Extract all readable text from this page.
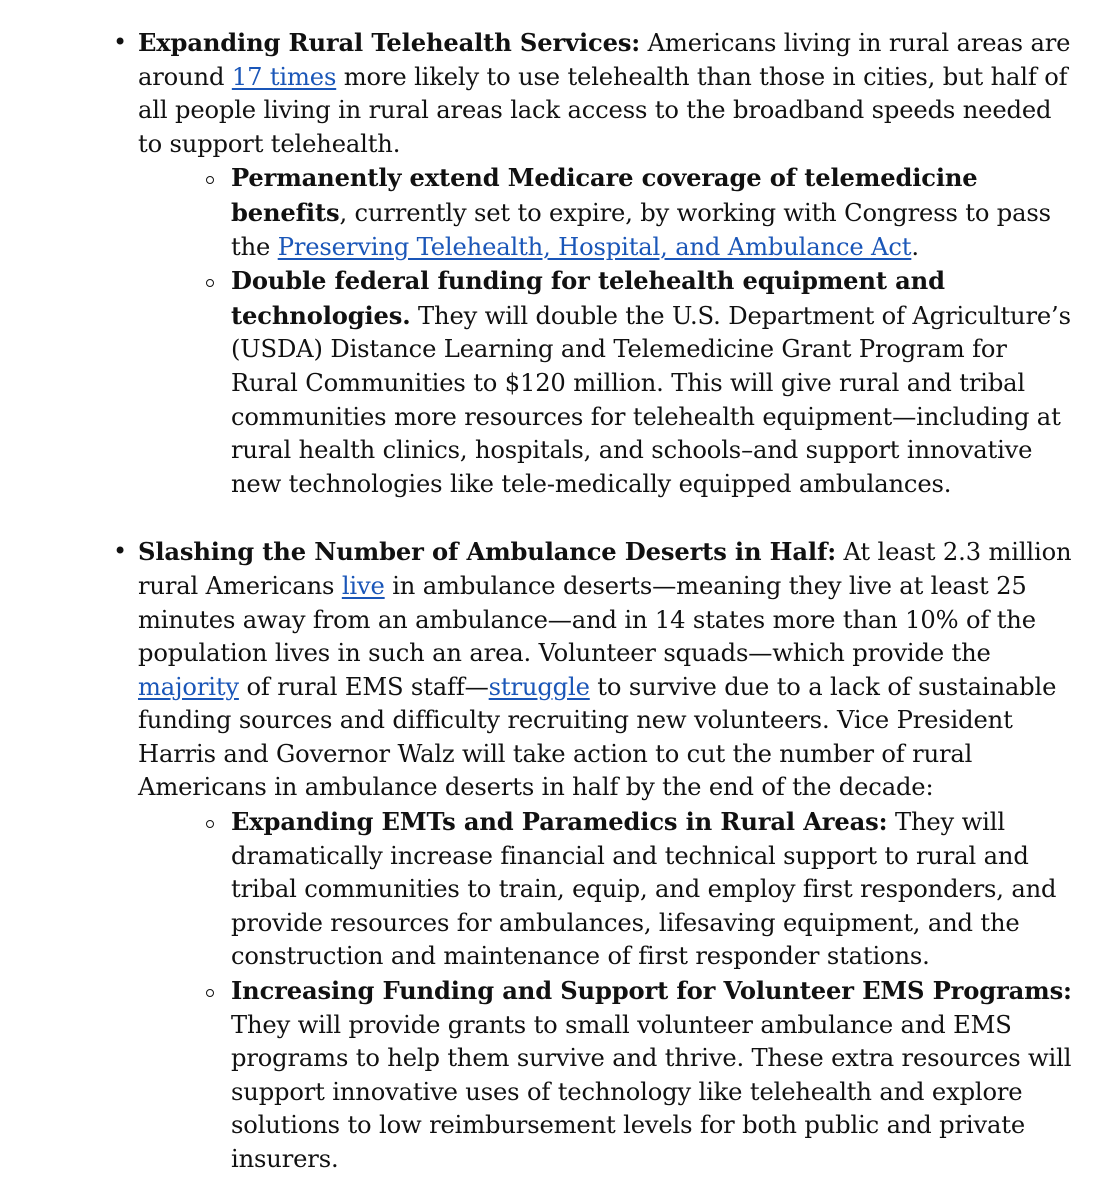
• Expanding Rural Telehealth Services: Americans living in rural areas are around 17 times more likely to use telehealth than those in cities, but half of all people living in rural areas lack access to the broadband speeds needed to support telehealth.
Permanently extend Medicare coverage of telemedicine benefits, currently set to expire, by working with Congress to pass the Preserving Telehealth, Hospital, and Ambulance Act.
Double federal funding for telehealth equipment and technologies. They will double the U.S. Department of Agriculture’s (USDA) Distance Learning and Telemedicine Grant Program for Rural Communities to $120 million. This will give rural and tribal communities more resources for telehealth equipment—including at rural health clinics, hospitals, and schools–and support innovative new technologies like tele-medically equipped ambulances.
• Slashing the Number of Ambulance Deserts in Half: At least 2.3 million rural Americans live in ambulance deserts—meaning they live at least 25 minutes away from an ambulance—and in 14 states more than 10% of the population lives in such an area. Volunteer squads—which provide the majority of rural EMS staff—struggle to survive due to a lack of sustainable funding sources and difficulty recruiting new volunteers. Vice President Harris and Governor Walz will take action to cut the number of rural Americans in ambulance deserts in half by the end of the decade:
Expanding EMTs and Paramedics in Rural Areas: They will dramatically increase financial and technical support to rural and tribal communities to train, equip, and employ first responders, and provide resources for ambulances, lifesaving equipment, and the construction and maintenance of first responder stations.
Increasing Funding and Support for Volunteer EMS Programs: They will provide grants to small volunteer ambulance and EMS programs to help them survive and thrive. These extra resources will support innovative uses of technology like telehealth and explore solutions to low reimbursement levels for both public and private insurers.
